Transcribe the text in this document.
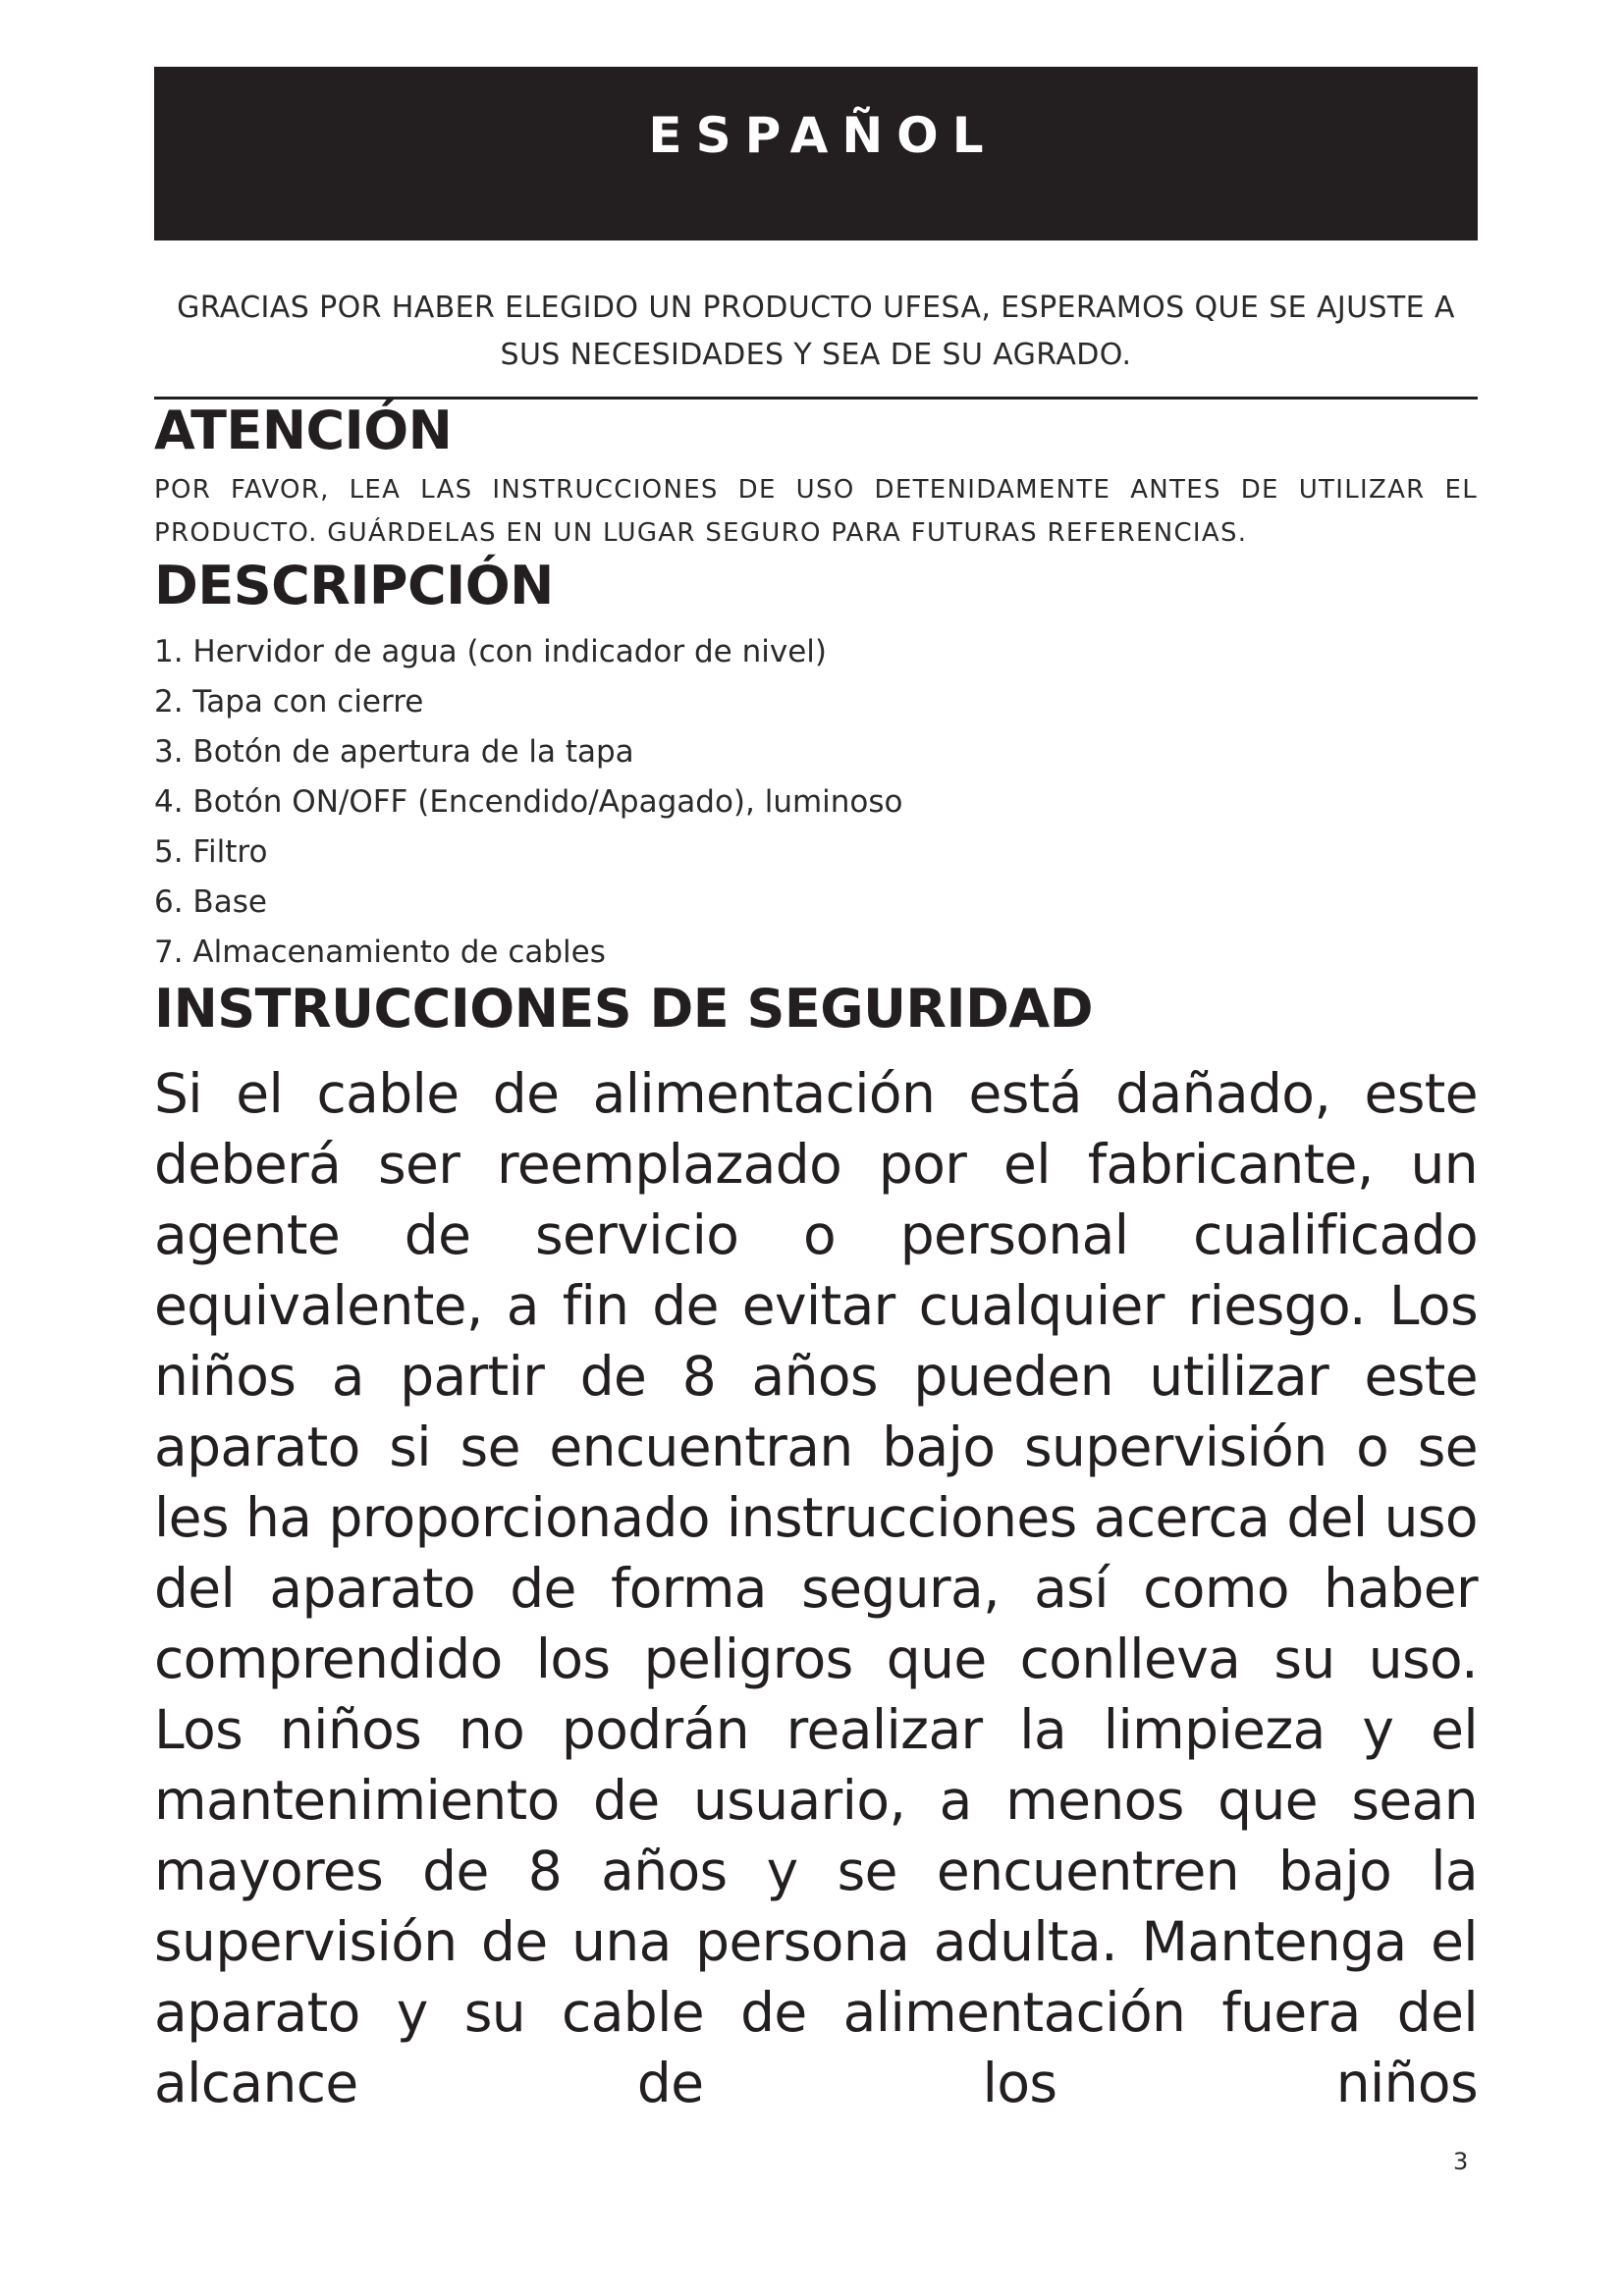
ESPAÑOL
GRACIAS POR HABER ELEGIDO UN PRODUCTO UFESA, ESPERAMOS QUE SE AJUSTE A SUS NECESIDADES Y SEA DE SU AGRADO.
ATENCIÓN
POR FAVOR, LEA LAS INSTRUCCIONES DE USO DETENIDAMENTE ANTES DE UTILIZAR EL PRODUCTO. GUÁRDELAS EN UN LUGAR SEGURO PARA FUTURAS REFERENCIAS.
DESCRIPCIÓN
1. Hervidor de agua (con indicador de nivel)
2. Tapa con cierre
3. Botón de apertura de la tapa
4. Botón ON/OFF (Encendido/Apagado), luminoso
5. Filtro
6. Base
7. Almacenamiento de cables
INSTRUCCIONES DE SEGURIDAD
Si el cable de alimentación está dañado, este deberá ser reemplazado por el fabricante, un agente de servicio o personal cualificado equivalente, a fin de evitar cualquier riesgo. Los niños a partir de 8 años pueden utilizar este aparato si se encuentran bajo supervisión o se les ha proporcionado instrucciones acerca del uso del aparato de forma segura, así como haber comprendido los peligros que conlleva su uso. Los niños no podrán realizar la limpieza y el mantenimiento de usuario, a menos que sean mayores de 8 años y se encuentren bajo la supervisión de una persona adulta. Mantenga el aparato y su cable de alimentación fuera del alcance de los niños
3
